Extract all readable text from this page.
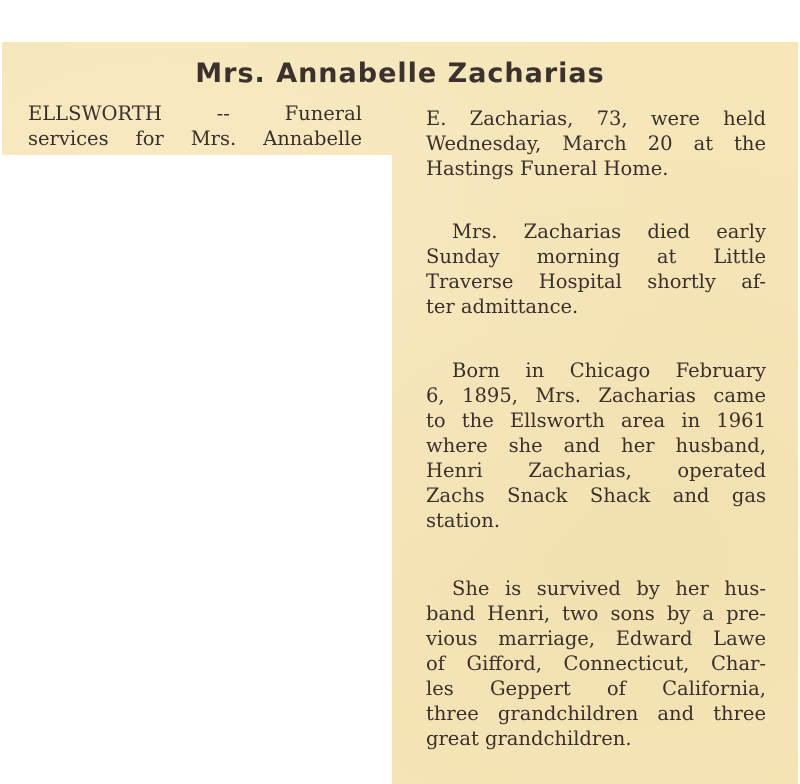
Mrs. Annabelle Zacharias
ELLSWORTH -- Funeral
services for Mrs. Annabelle
E. Zacharias, 73, were held
Wednesday, March 20 at the
Hastings Funeral Home.
Mrs. Zacharias died early
Sunday morning at Little
Traverse Hospital shortly af-
ter admittance.
Born in Chicago February
6, 1895, Mrs. Zacharias came
to the Ellsworth area in 1961
where she and her husband,
Henri Zacharias, operated
Zachs Snack Shack and gas
station.
She is survived by her hus-
band Henri, two sons by a pre-
vious marriage, Edward Lawe
of Gifford, Connecticut, Char-
les Geppert of California,
three grandchildren and three
great grandchildren.
